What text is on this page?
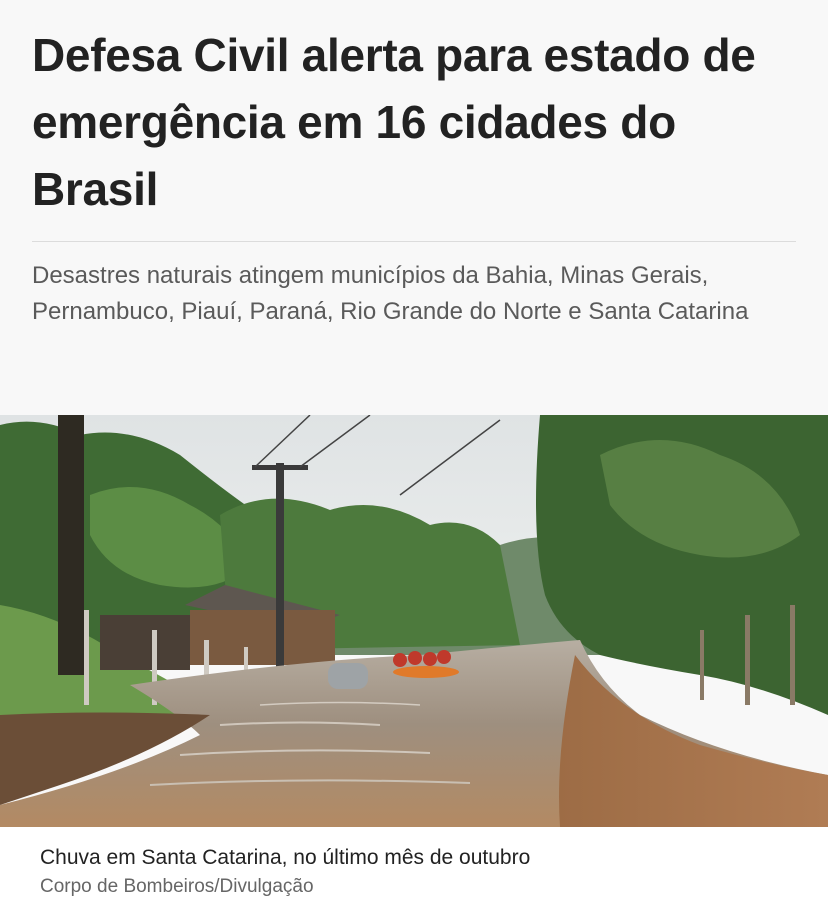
Defesa Civil alerta para estado de emergência em 16 cidades do Brasil

Desastres naturais atingem municípios da Bahia, Minas Gerais, Pernambuco, Piauí, Paraná, Rio Grande do Norte e Santa Catarina

Chuva em Santa Catarina, no último mês de outubro

Corpo de Bombeiros/Divulgação
